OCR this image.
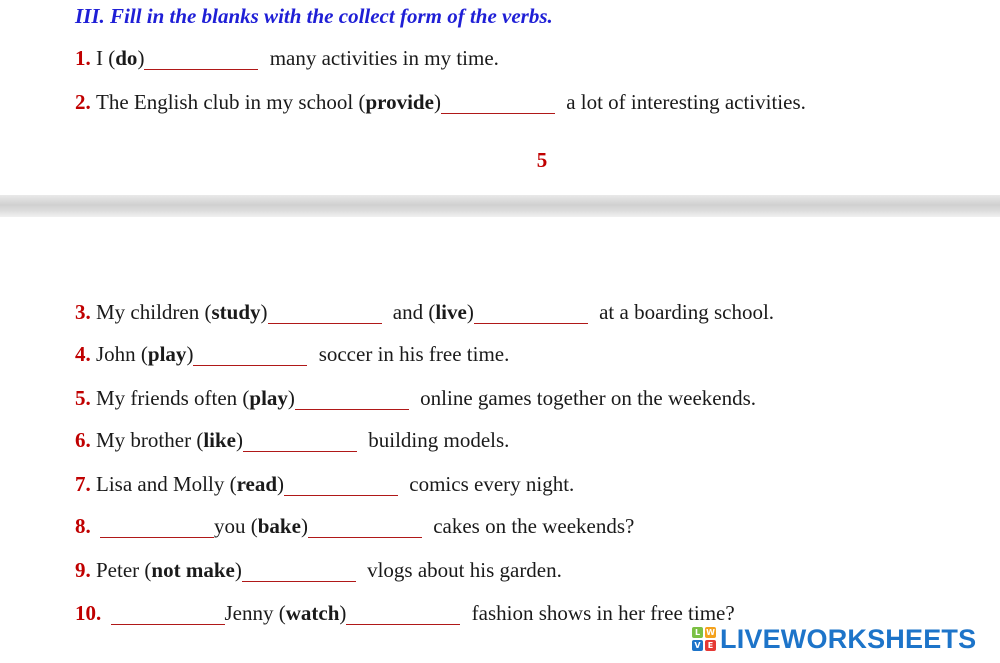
III. Fill in the blanks with the collect form of the verbs.
1. I (do)	many activities in my time.
2. The English club in my school (provide)	a lot of interesting activities.
5
3. My children (study)	and (live)	at a boarding school.
4. John (play)	soccer in his free time.
5. My friends often (play)	online games together on the weekends.
6. My brother (like)	building models.
7. Lisa and Molly (read)	comics every night.
8.	you (bake)	cakes on the weekends?
9. Peter (not make)	vlogs about his garden.
10.	Jenny (watch)	fashion shows in her free time?
L W
V E LIVEWORKSHEETS
